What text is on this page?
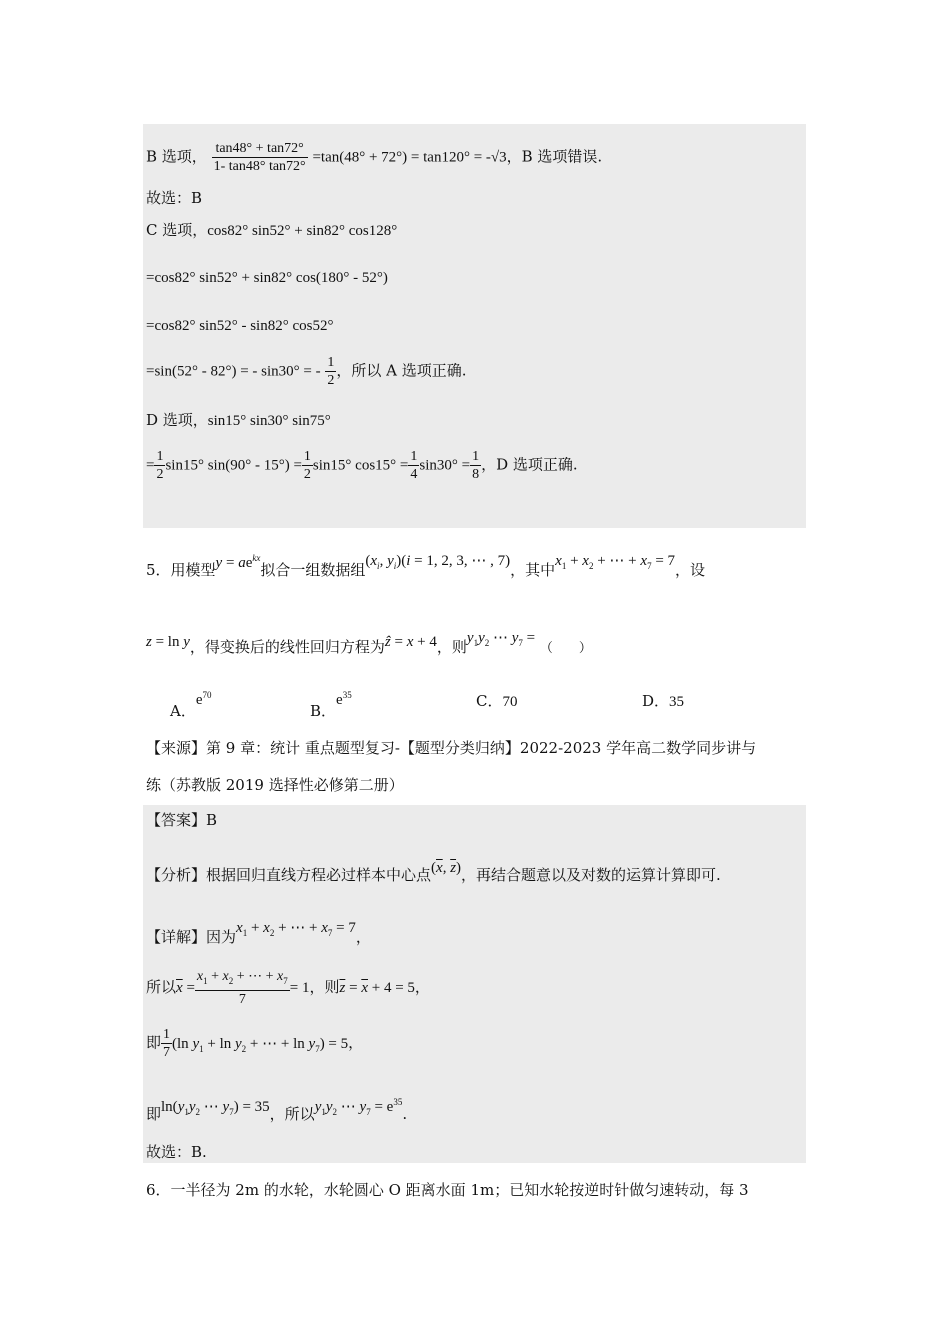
B 选项， $\frac{\tan 48^\circ + \tan 72^\circ}{1- \tan 48^\circ \tan 72^\circ} =\tan(48^\circ + 72^\circ) = \tan 120^\circ = -√3$，B 选项错误.
故选：B
C 选项，cos82° sin52° + sin82° cos128°
=cos82° sin52° + sin82° cos(180° - 52°)
=cos82° sin52° - sin82° cos52°
=sin(52° - 82°) = - sin30° = - $\frac{1}{2}$ ，所以 A 选项正确.
D 选项，sin15° sin30° sin75°
= $\frac{1}{2} \sin 15^\circ$ $\sin(90^\circ - 15^\circ) = \frac{1}{2} \sin 15^\circ$ $\cos 15^\circ = \frac{1}{4} \sin 30^\circ = \frac{1}{8}$ ，D 选项正确.
5．用模型$y = ae^{kx}$拟合一组数据组($x_i$, $y_i)(i = 1$, 2, 3, ⋯ , 7)，其中$x_1 + x_2$ + ⋯ + $x_7 = 7$，设
z = ln y，得变换后的线性回归方程为ẑ = x + 4，则$y_1y_2$ ⋯ $y_7$ = （　　）
A．$e^{70}$
B．$e^{35}$	C．70	D．35
【来源】第 9 章：统计 重点题型复习-【题型分类归纳】2022-2023 学年高二数学同步讲与
练（苏教版 2019 选择性必修第二册）
【答案】B
【分析】根据回归直线方程必过样本中心点($\overline{x}$, $\overline{z}$)，再结合题意以及对数的运算计算即可.
【详解】因为$x_1 + x_2$ + ⋯ + $x_7 = 7$，
所以$\overline{x} = \frac{x_1 + x_2 + \cdots + x_7}{7} = 1$，则$\overline{z} = \overline{x} + 4 = 5$，
即 $\frac{1}{7} (\ln$ $y_1 + \ln y_2$ + ⋯ + $\ln y_7) = 5$，
即$\ln(y_1y_2$ ⋯ $y_7) = 35$，所以$y_1y_2$ ⋯ $y_7 = e^{35}$.
故选：B.
6．一半径为 2m 的水轮，水轮圆心 O 距离水面 1m；已知水轮按逆时针做匀速转动，每 3
